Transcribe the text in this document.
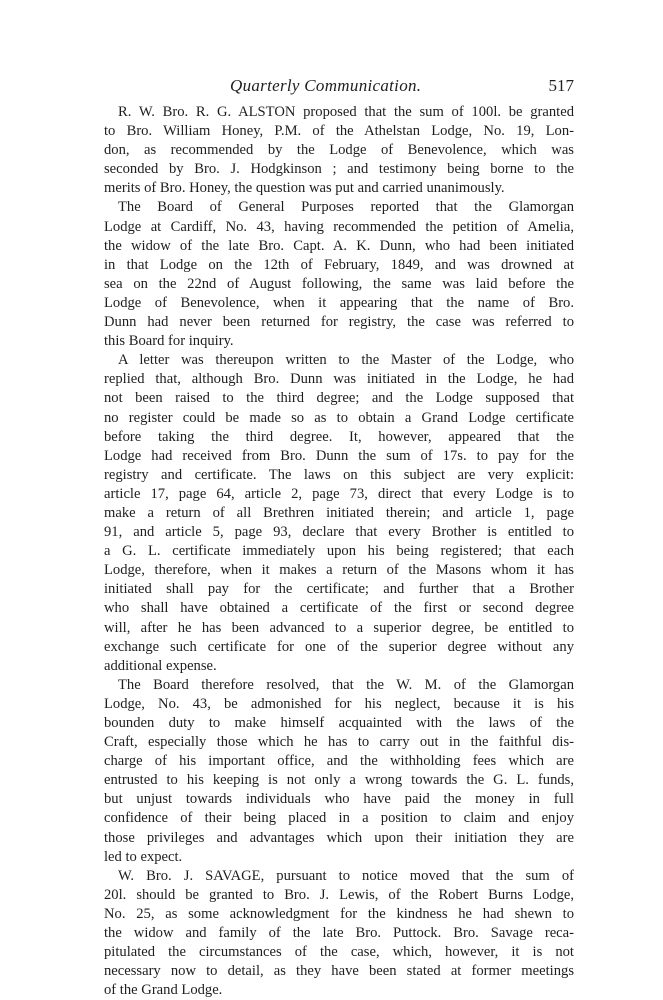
Quarterly Communication.	517
R. W. Bro. R. G. ALSTON proposed that the sum of 100l. be granted
to Bro. William Honey, P.M. of the Athelstan Lodge, No. 19, Lon-
don, as recommended by the Lodge of Benevolence, which was
seconded by Bro. J. Hodgkinson ; and testimony being borne to the
merits of Bro. Honey, the question was put and carried unanimously.
The Board of General Purposes reported that the Glamorgan
Lodge at Cardiff, No. 43, having recommended the petition of Amelia,
the widow of the late Bro. Capt. A. K. Dunn, who had been initiated
in that Lodge on the 12th of February, 1849, and was drowned at
sea on the 22nd of August following, the same was laid before the
Lodge of Benevolence, when it appearing that the name of Bro.
Dunn had never been returned for registry, the case was referred to
this Board for inquiry.
A letter was thereupon written to the Master of the Lodge, who
replied that, although Bro. Dunn was initiated in the Lodge, he had
not been raised to the third degree; and the Lodge supposed that
no register could be made so as to obtain a Grand Lodge certificate
before taking the third degree. It, however, appeared that the
Lodge had received from Bro. Dunn the sum of 17s. to pay for the
registry and certificate. The laws on this subject are very explicit:
article 17, page 64, article 2, page 73, direct that every Lodge is to
make a return of all Brethren initiated therein; and article 1, page
91, and article 5, page 93, declare that every Brother is entitled to
a G. L. certificate immediately upon his being registered; that each
Lodge, therefore, when it makes a return of the Masons whom it has
initiated shall pay for the certificate; and further that a Brother
who shall have obtained a certificate of the first or second degree
will, after he has been advanced to a superior degree, be entitled to
exchange such certificate for one of the superior degree without any
additional expense.
The Board therefore resolved, that the W. M. of the Glamorgan
Lodge, No. 43, be admonished for his neglect, because it is his
bounden duty to make himself acquainted with the laws of the
Craft, especially those which he has to carry out in the faithful dis-
charge of his important office, and the withholding fees which are
entrusted to his keeping is not only a wrong towards the G. L. funds,
but unjust towards individuals who have paid the money in full
confidence of their being placed in a position to claim and enjoy
those privileges and advantages which upon their initiation they are
led to expect.
W. Bro. J. SAVAGE, pursuant to notice moved that the sum of
20l. should be granted to Bro. J. Lewis, of the Robert Burns Lodge,
No. 25, as some acknowledgment for the kindness he had shewn to
the widow and family of the late Bro. Puttock. Bro. Savage reca-
pitulated the circumstances of the case, which, however, it is not
necessary now to detail, as they have been stated at former meetings
of the Grand Lodge.
